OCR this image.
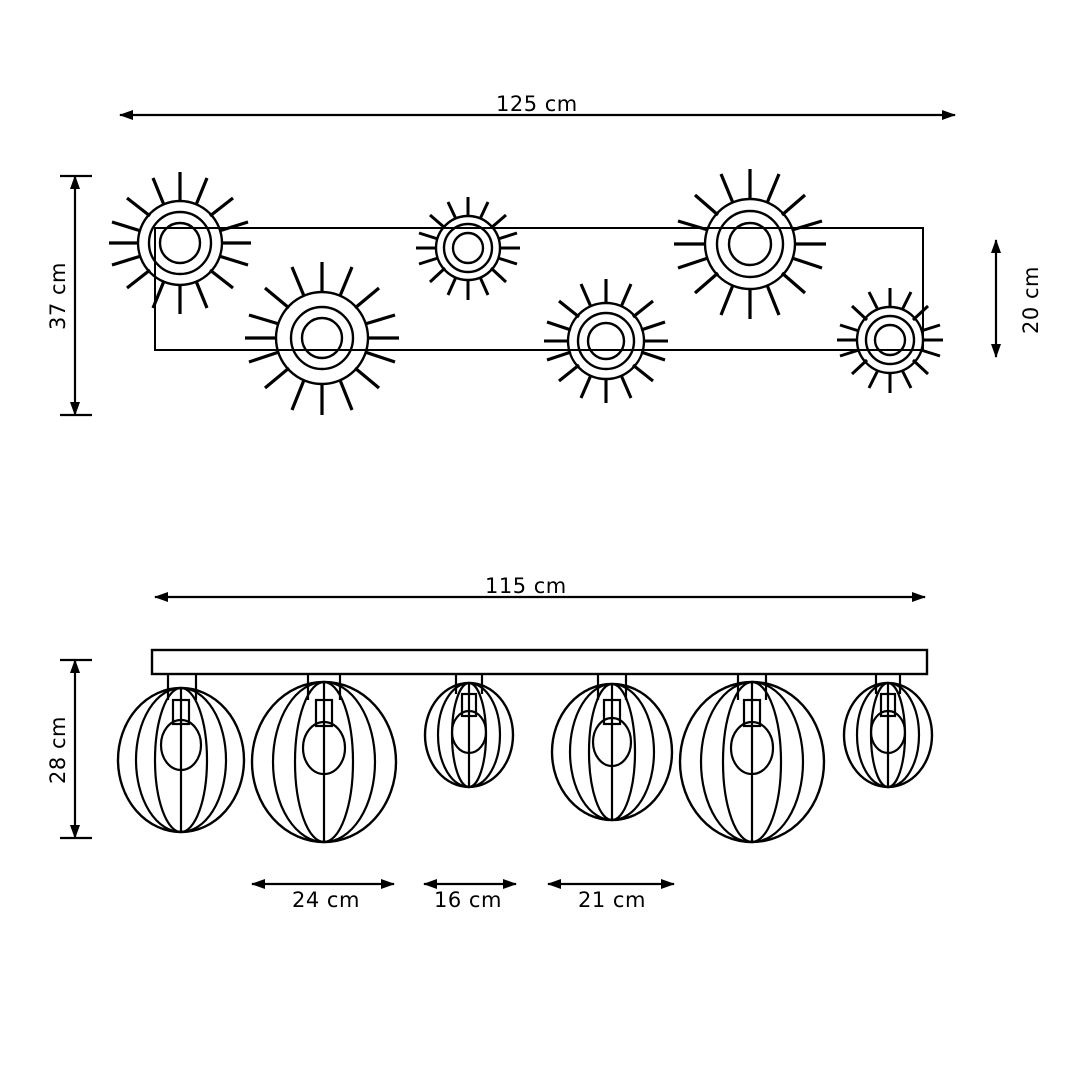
125 cm
37 cm	20 cm
115 cm
28 cm
24 cm	16 cm	21 cm
